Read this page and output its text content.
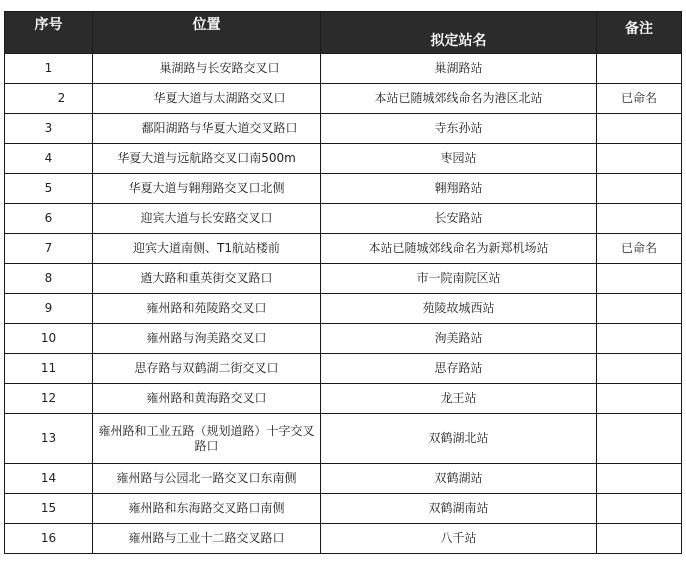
序号	位置	拟定站名	备注

1	巢湖路与长安路交叉口	巢湖路站	
2	华夏大道与太湖路交叉口	本站已随城郊线命名为港区北站	已命名
3	鄱阳湖路与华夏大道交叉路口	寺东孙站	
4	华夏大道与远航路交叉口南500m	枣园站	
5	华夏大道与翱翔路交叉口北侧	翱翔路站	
6	迎宾大道与长安路交叉口	长安路站	
7	迎宾大道南侧、T1航站楼前	本站已随城郊线命名为新郑机场站	已命名
8	遒大路和重英街交叉路口	市一院南院区站	
9	雍州路和苑陵路交叉口	苑陵故城西站	
10	雍州路与洵美路交叉口	洵美路站	
11	思存路与双鹤湖二街交叉口	思存路站	
12	雍州路和黄海路交叉口	龙王站	
13	雍州路和工业五路（规划道路）十字交叉路口	双鹤湖北站	
14	雍州路与公园北一路交叉口东南侧	双鹤湖站	
15	雍州路和东海路交叉路口南侧	双鹤湖南站	
16	雍州路与工业十二路交叉路口	八千站	
